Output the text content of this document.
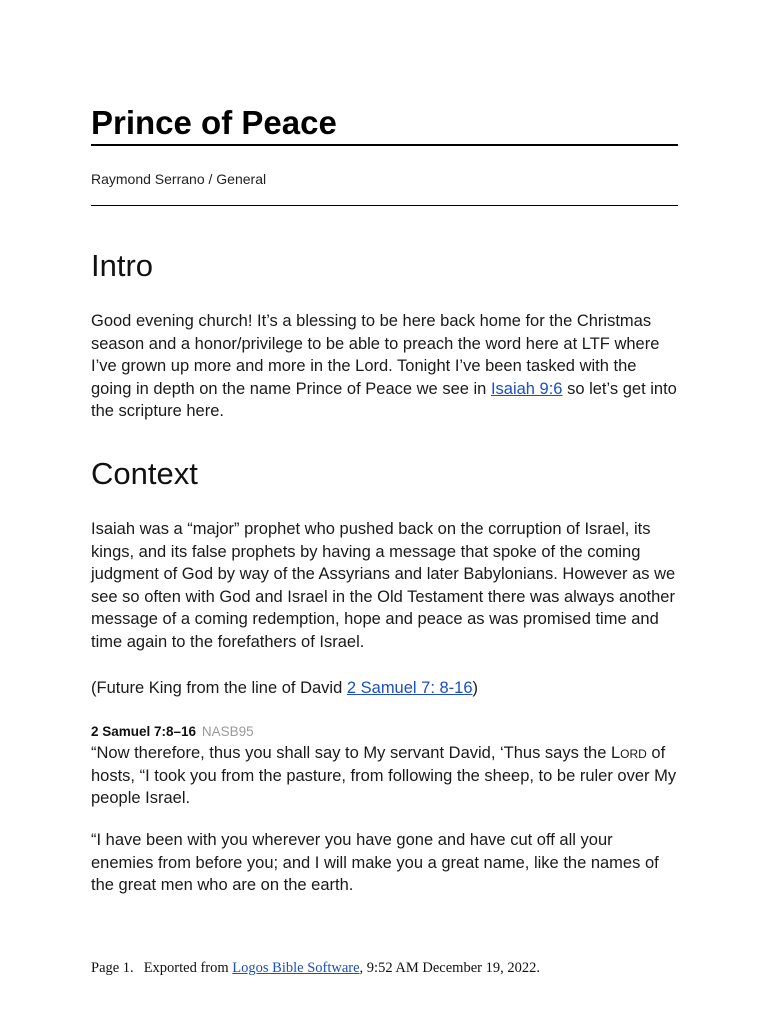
Prince of Peace
Raymond Serrano / General
Intro

Good evening church! It’s a blessing to be here back home for the Christmas season and a honor/privilege to be able to preach the word here at LTF where I’ve grown up more and more in the Lord. Tonight I’ve been tasked with the going in depth on the name Prince of Peace we see in Isaiah 9:6 so let’s get into the scripture here.

Context

Isaiah was a “major” prophet who pushed back on the corruption of Israel, its kings, and its false prophets by having a message that spoke of the coming judgment of God by way of the Assyrians and later Babylonians. However as we see so often with God and Israel in the Old Testament there was always another message of a coming redemption, hope and peace as was promised time and time again to the forefathers of Israel.

(Future King from the line of David 2 Samuel 7: 8-16)

2 Samuel 7:8–16 NASB95

“Now therefore, thus you shall say to My servant David, ‘Thus says the Lord of hosts, “I took you from the pasture, from following the sheep, to be ruler over My people Israel.

“I have been with you wherever you have gone and have cut off all your enemies from before you; and I will make you a great name, like the names of the great men who are on the earth.

Page 1. Exported from Logos Bible Software, 9:52 AM December 19, 2022.
